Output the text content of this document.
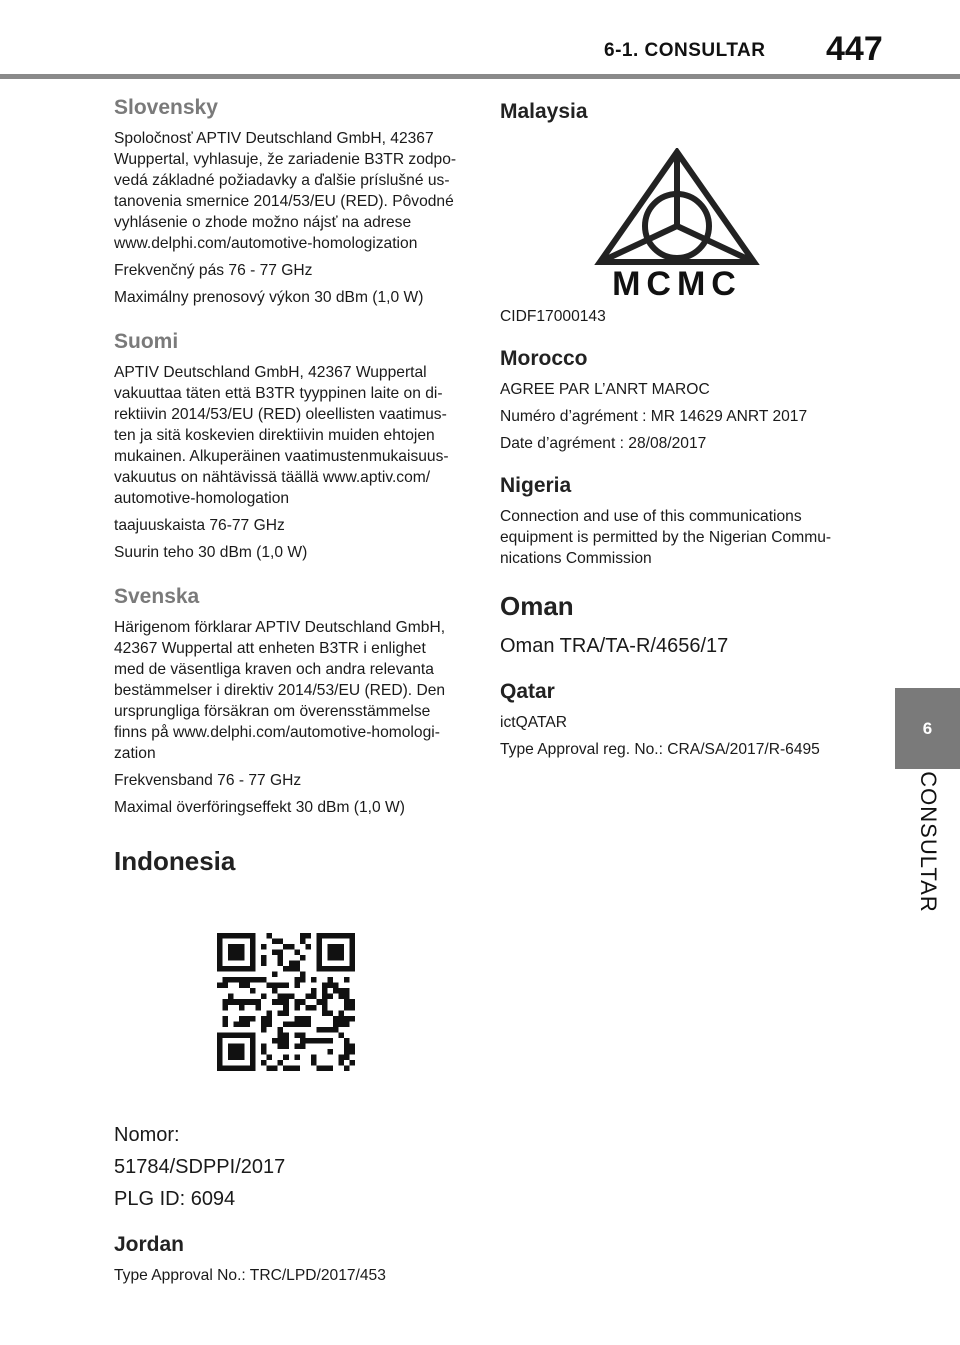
6-1. CONSULTAR 447
6
CONSULTAR
Slovensky
Spoločnosť APTIV Deutschland GmbH, 42367
Wuppertal, vyhlasuje, že zariadenie B3TR zodpo-
vedá základné požiadavky a ďalšie príslušné us-
tanovenia smernice 2014/53/EU (RED). Pôvodné
vyhlásenie o zhode možno nájsť na adrese
www.delphi.com/automotive-homologization
Frekvenčný pás 76 - 77 GHz
Maximálny prenosový výkon 30 dBm (1,0 W)
Suomi
APTIV Deutschland GmbH, 42367 Wuppertal
vakuuttaa täten että B3TR tyyppinen laite on di-
rektiivin 2014/53/EU (RED) oleellisten vaatimus-
ten ja sitä koskevien direktiivin muiden ehtojen
mukainen. Alkuperäinen vaatimustenmukaisuus-
vakuutus on nähtävissä täällä www.aptiv.com/
automotive-homologation
taajuuskaista 76-77 GHz
Suurin teho 30 dBm (1,0 W)
Svenska
Härigenom förklarar APTIV Deutschland GmbH,
42367 Wuppertal att enheten B3TR i enlighet
med de väsentliga kraven och andra relevanta
bestämmelser i direktiv 2014/53/EU (RED). Den
ursprungliga försäkran om överensstämmelse
finns på www.delphi.com/automotive-homologi-
zation
Frekvensband 76 - 77 GHz
Maximal överföringseffekt 30 dBm (1,0 W)
Indonesia
Nomor:
51784/SDPPI/2017
PLG ID: 6094
Jordan
Type Approval No.: TRC/LPD/2017/453
Malaysia
MCMC
CIDF17000143
Morocco
AGREE PAR L’ANRT MAROC
Numéro d’agrément : MR 14629 ANRT 2017
Date d’agrément : 28/08/2017
Nigeria
Connection and use of this communications
equipment is permitted by the Nigerian Commu-
nications Commission
Oman
Oman TRA/TA-R/4656/17
Qatar
ictQATAR
Type Approval reg. No.: CRA/SA/2017/R-6495
